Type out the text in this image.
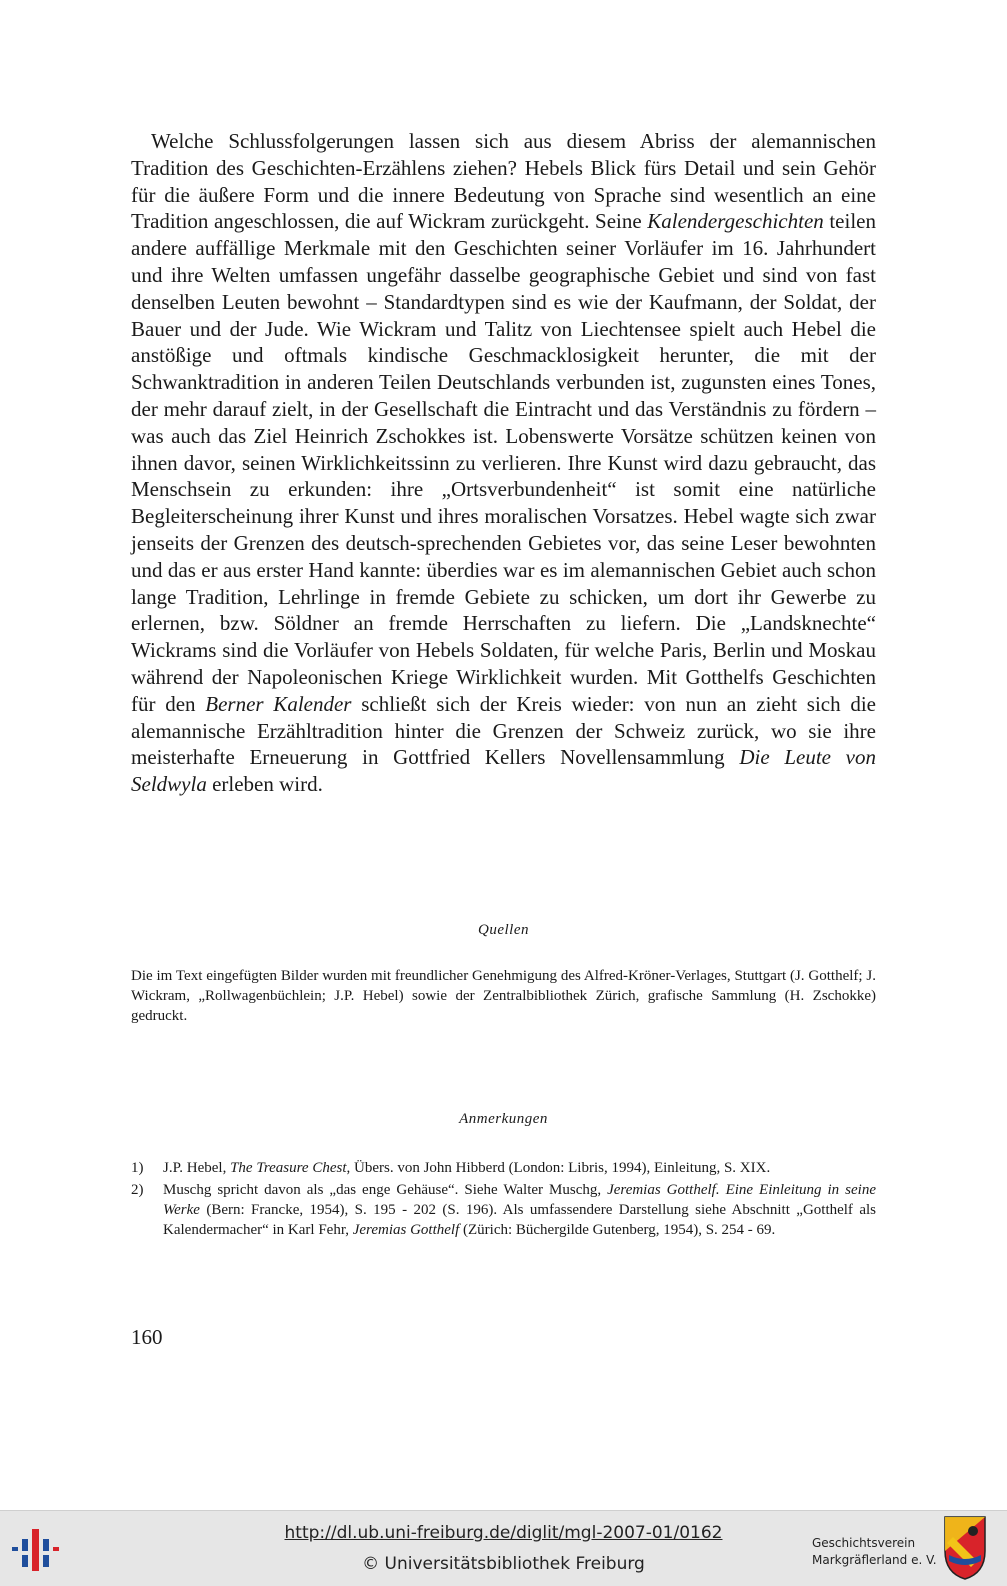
Welche Schlussfolgerungen lassen sich aus diesem Abriss der alemannischen Tradition des Geschichten-Erzählens ziehen? Hebels Blick fürs Detail und sein Gehör für die äußere Form und die innere Bedeutung von Sprache sind wesentlich an eine Tradition angeschlossen, die auf Wickram zurückgeht. Seine Kalendergeschichten teilen andere auffällige Merkmale mit den Geschichten seiner Vorläufer im 16. Jahrhundert und ihre Welten umfassen ungefähr dasselbe geographische Gebiet und sind von fast denselben Leuten bewohnt – Standardtypen sind es wie der Kaufmann, der Soldat, der Bauer und der Jude. Wie Wickram und Talitz von Liechtensee spielt auch Hebel die anstößige und oftmals kindische Geschmacklosigkeit herunter, die mit der Schwanktradition in anderen Teilen Deutschlands verbunden ist, zugunsten eines Tones, der mehr darauf zielt, in der Gesellschaft die Eintracht und das Verständnis zu fördern – was auch das Ziel Heinrich Zschokkes ist. Lobenswerte Vorsätze schützen keinen von ihnen davor, seinen Wirklichkeitssinn zu verlieren. Ihre Kunst wird dazu gebraucht, das Menschsein zu erkunden: ihre „Ortsverbundenheit“ ist somit eine natürliche Begleiterscheinung ihrer Kunst und ihres moralischen Vorsatzes. Hebel wagte sich zwar jenseits der Grenzen des deutsch-sprechenden Gebietes vor, das seine Leser bewohnten und das er aus erster Hand kannte: überdies war es im alemannischen Gebiet auch schon lange Tradition, Lehrlinge in fremde Gebiete zu schicken, um dort ihr Gewerbe zu erlernen, bzw. Söldner an fremde Herrschaften zu liefern. Die „Landsknechte“ Wickrams sind die Vorläufer von Hebels Soldaten, für welche Paris, Berlin und Moskau während der Napoleonischen Kriege Wirklichkeit wurden. Mit Gotthelfs Geschichten für den Berner Kalender schließt sich der Kreis wieder: von nun an zieht sich die alemannische Erzähltradition hinter die Grenzen der Schweiz zurück, wo sie ihre meisterhafte Erneuerung in Gottfried Kellers Novellensammlung Die Leute von Seldwyla erleben wird.

Quellen
Die im Text eingefügten Bilder wurden mit freundlicher Genehmigung des Alfred-Kröner-Verlages, Stuttgart (J. Gotthelf; J. Wickram, „Rollwagenbüchlein; J.P. Hebel) sowie der Zentralbibliothek Zürich, grafische Sammlung (H. Zschokke) gedruckt.
Anmerkungen
1)	J.P. Hebel, The Treasure Chest, Übers. von John Hibberd (London: Libris, 1994), Einleitung, S. XIX.
2)	Muschg spricht davon als „das enge Gehäuse“. Siehe Walter Muschg, Jeremias Gotthelf. Eine Einleitung in seine Werke (Bern: Francke, 1954), S. 195 - 202 (S. 196). Als umfassendere Darstellung siehe Abschnitt „Gotthelf als Kalendermacher“ in Karl Fehr, Jeremias Gotthelf (Zürich: Büchergilde Gutenberg, 1954), S. 254 - 69.
160
http://dl.ub.uni-freiburg.de/diglit/mgl-2007-01/0162
© Universitätsbibliothek Freiburg
Geschichtsverein
Markgräflerland e. V.
